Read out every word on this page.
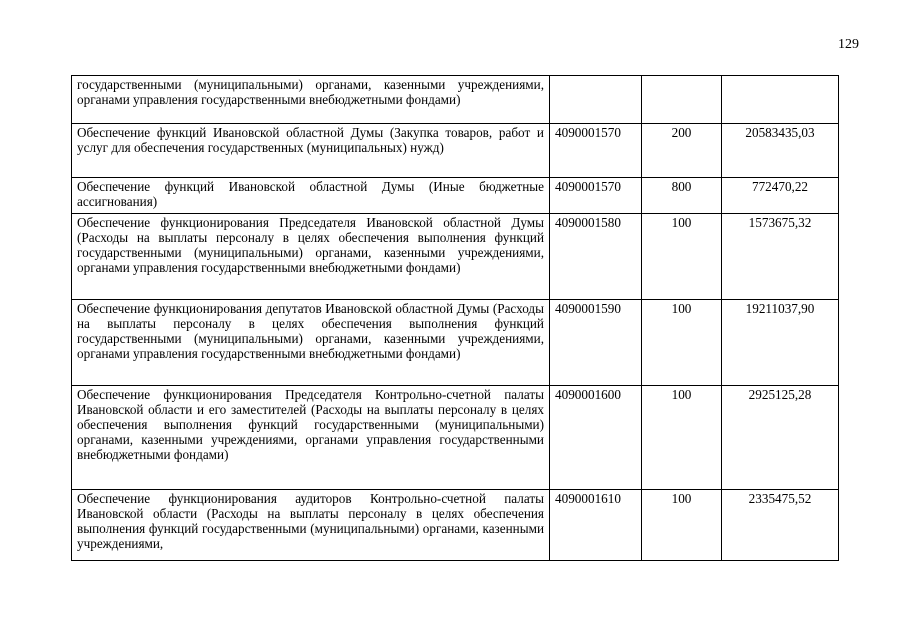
129
государственными (муниципальными) органами, казенными учреждениями, органами управления государственными внебюджетными фондами)			
Обеспечение функций Ивановской областной Думы (Закупка товаров, работ и услуг для обеспечения государственных (муниципальных) нужд)	4090001570	200	20583435,03
Обеспечение функций Ивановской областной Думы (Иные бюджетные ассигнования)	4090001570	800	772470,22
Обеспечение функционирования Председателя Ивановской областной Думы (Расходы на выплаты персоналу в целях обеспечения выполнения функций государственными (муниципальными) органами, казенными учреждениями, органами управления государственными внебюджетными фондами)	4090001580	100	1573675,32
Обеспечение функционирования депутатов Ивановской областной Думы (Расходы на выплаты персоналу в целях обеспечения выполнения функций государственными (муниципальными) органами, казенными учреждениями, органами управления государственными внебюджетными фондами)	4090001590	100	19211037,90
Обеспечение функционирования Председателя Контрольно-счетной палаты Ивановской области и его заместителей (Расходы на выплаты персоналу в целях обеспечения выполнения функций государственными (муниципальными) органами, казенными учреждениями, органами управления государственными внебюджетными фондами)	4090001600	100	2925125,28
Обеспечение функционирования аудиторов Контрольно-счетной палаты Ивановской области (Расходы на выплаты персоналу в целях обеспечения выполнения функций государственными (муниципальными) органами, казенными учреждениями,	4090001610	100	2335475,52
